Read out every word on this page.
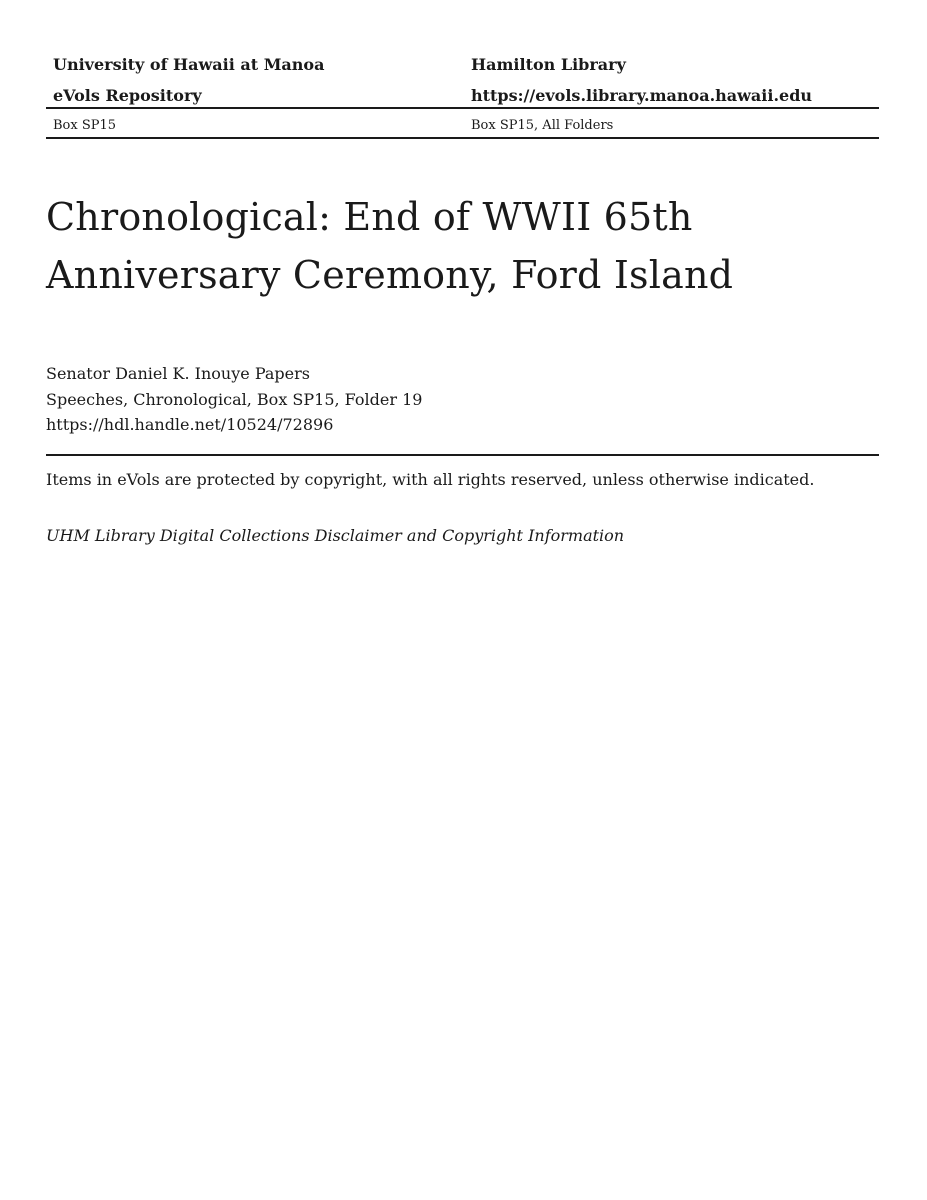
University of Hawaii at Manoa	Hamilton Library
eVols Repository	https://evols.library.manoa.hawaii.edu
Box SP15	Box SP15, All Folders
Chronological: End of WWII 65th
Anniversary Ceremony, Ford Island
Senator Daniel K. Inouye Papers
Speeches, Chronological, Box SP15, Folder 19
https://hdl.handle.net/10524/72896
Items in eVols are protected by copyright, with all rights reserved, unless otherwise indicated.
UHM Library Digital Collections Disclaimer and Copyright Information
